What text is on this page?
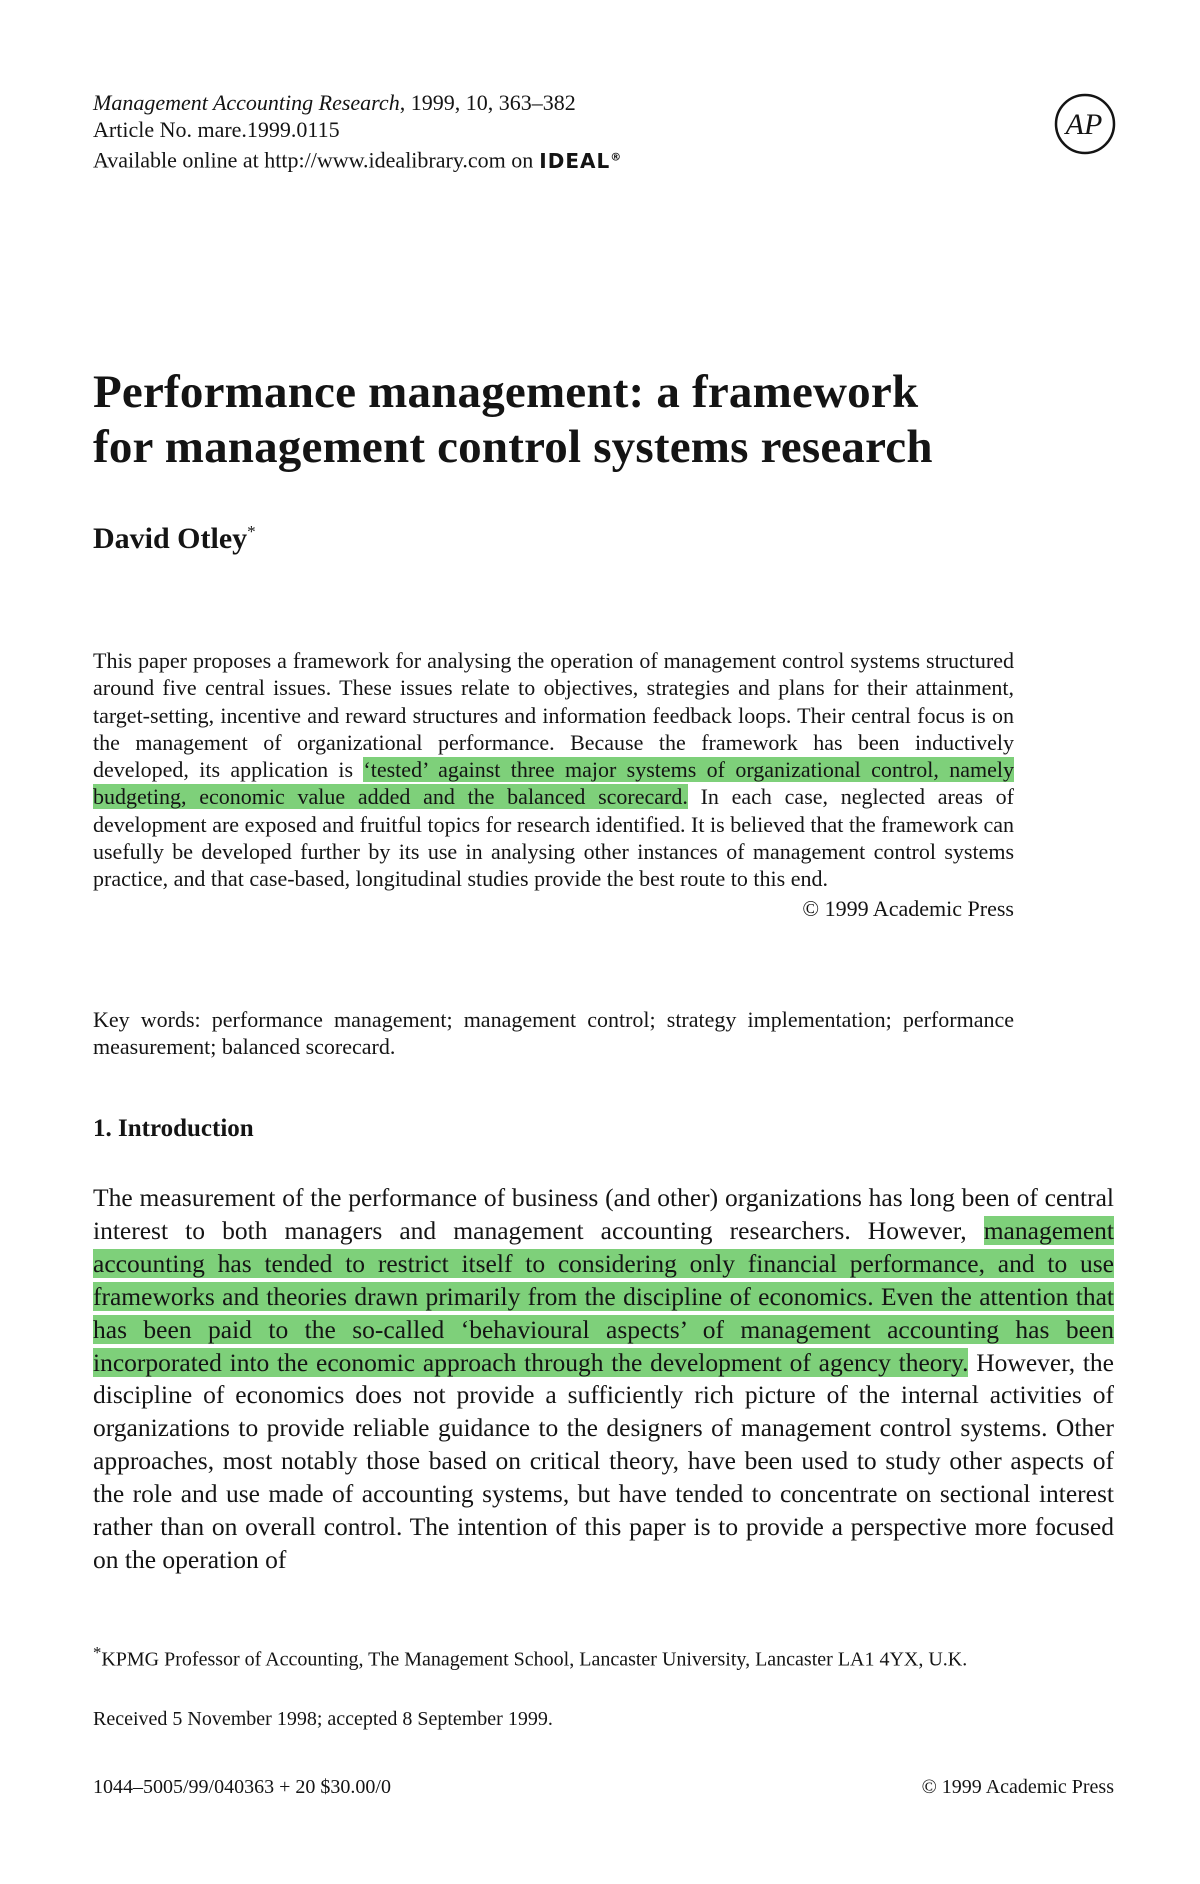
Management Accounting Research, 1999, 10, 363–382
Article No. mare.1999.0115
Available online at http://www.idealibrary.com on IDEAL®
AP
Performance management: a framework
for management control systems research
David Otley*
This paper proposes a framework for analysing the operation of management control systems structured around five central issues. These issues relate to objectives, strategies and plans for their attainment, target-setting, incentive and reward structures and information feedback loops. Their central focus is on the management of organizational performance. Because the framework has been inductively developed, its application is ‘tested’ against three major systems of organizational control, namely budgeting, economic value added and the balanced scorecard. In each case, neglected areas of development are exposed and fruitful topics for research identified. It is believed that the framework can usefully be developed further by its use in analysing other instances of management control systems practice, and that case-based, longitudinal studies provide the best route to this end.
© 1999 Academic Press
Key words: performance management; management control; strategy implementation; performance measurement; balanced scorecard.
1. Introduction

The measurement of the performance of business (and other) organizations has long been of central interest to both managers and management accounting researchers. However, management accounting has tended to restrict itself to considering only financial performance, and to use frameworks and theories drawn primarily from the discipline of economics. Even the attention that has been paid to the so-called ‘behavioural aspects’ of management accounting has been incorporated into the economic approach through the development of agency theory. However, the discipline of economics does not provide a sufficiently rich picture of the internal activities of organizations to provide reliable guidance to the designers of management control systems. Other approaches, most notably those based on critical theory, have been used to study other aspects of the role and use made of accounting systems, but have tended to concentrate on sectional interest rather than on overall control. The intention of this paper is to provide a perspective more focused on the operation of

*KPMG Professor of Accounting, The Management School, Lancaster University, Lancaster LA1 4YX, U.K.
Received 5 November 1998; accepted 8 September 1999.
1044–5005/99/040363 + 20 $30.00/0	© 1999 Academic Press
